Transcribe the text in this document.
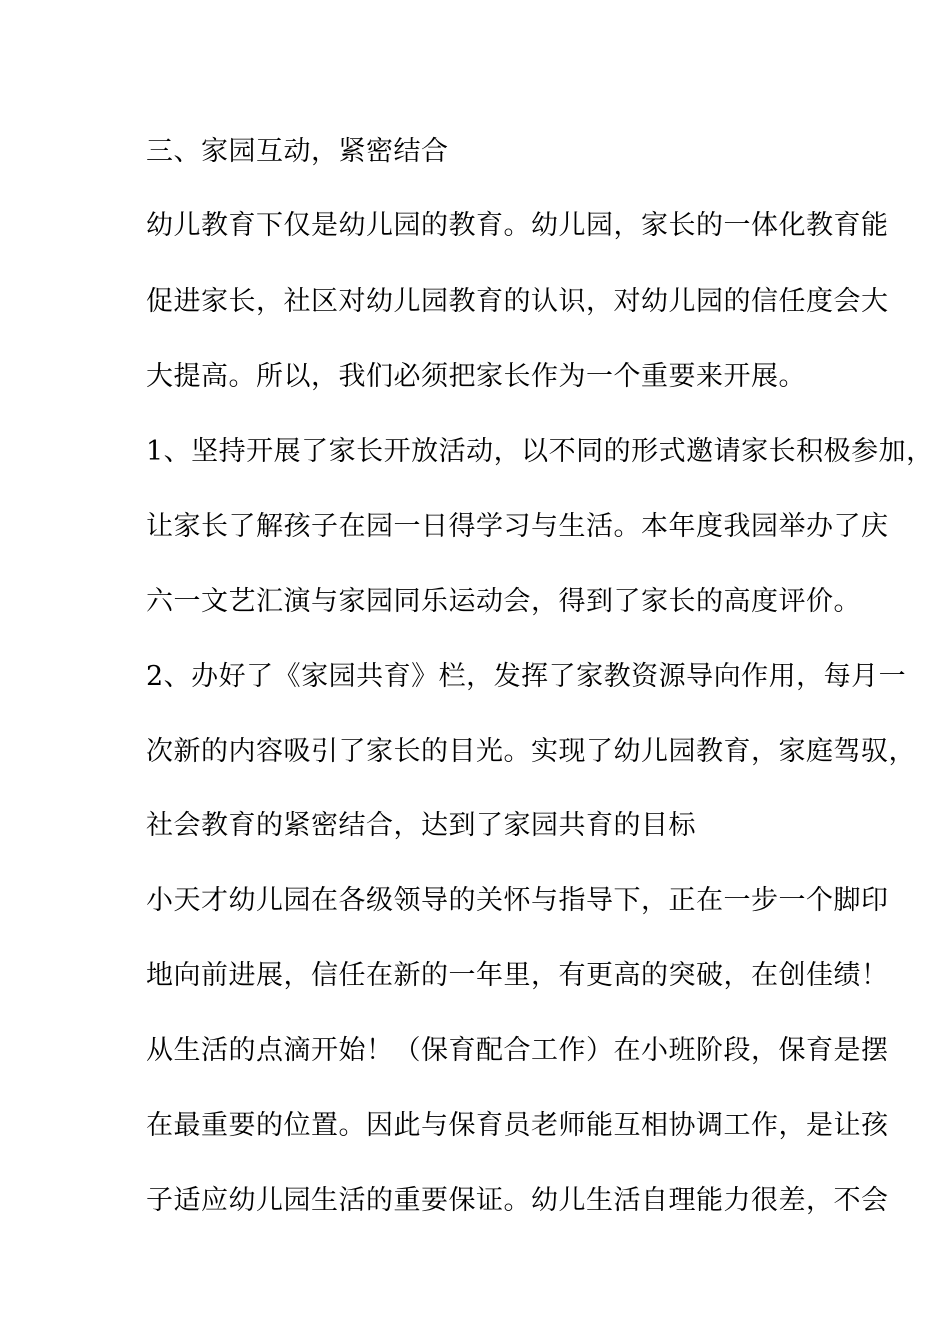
三、家园互动，紧密结合
幼儿教育下仅是幼儿园的教育。幼儿园，家长的一体化教育能
促进家长，社区对幼儿园教育的认识，对幼儿园的信任度会大
大提高。所以，我们必须把家长作为一个重要来开展。
1、坚持开展了家长开放活动，以不同的形式邀请家长积极参加，
让家长了解孩子在园一日得学习与生活。本年度我园举办了庆
六一文艺汇演与家园同乐运动会，得到了家长的高度评价。
2、办好了《家园共育》栏，发挥了家教资源导向作用，每月一
次新的内容吸引了家长的目光。实现了幼儿园教育，家庭驾驭，
社会教育的紧密结合，达到了家园共育的目标
小天才幼儿园在各级领导的关怀与指导下，正在一步一个脚印
地向前进展，信任在新的一年里，有更高的突破，在创佳绩！
从生活的点滴开始！（保育配合工作）在小班阶段，保育是摆
在最重要的位置。因此与保育员老师能互相协调工作，是让孩
子适应幼儿园生活的重要保证。幼儿生活自理能力很差，不会
